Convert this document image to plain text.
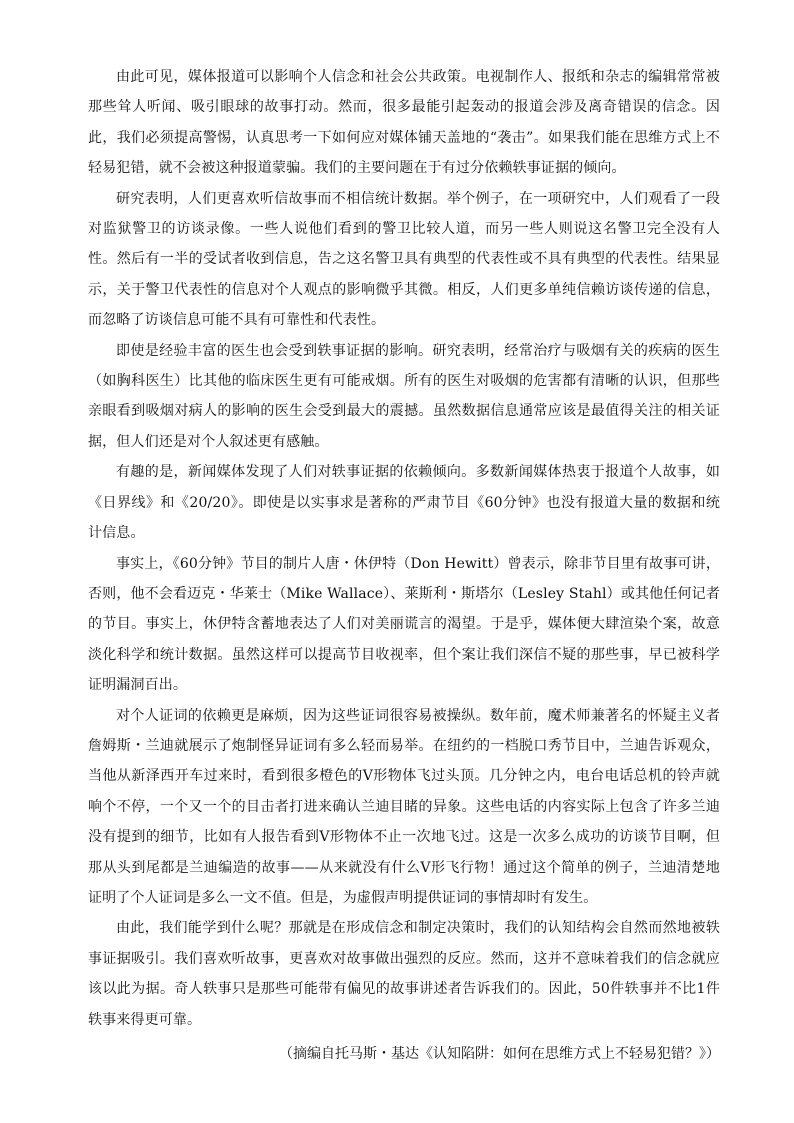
由此可见，媒体报道可以影响个人信念和社会公共政策。电视制作人、报纸和杂志的编辑常常被那些耸人听闻、吸引眼球的故事打动。然而，很多最能引起轰动的报道会涉及离奇错误的信念。因此，我们必须提高警惕，认真思考一下如何应对媒体铺天盖地的“袭击”。如果我们能在思维方式上不轻易犯错，就不会被这种报道蒙骗。我们的主要问题在于有过分依赖轶事证据的倾向。

研究表明，人们更喜欢听信故事而不相信统计数据。举个例子，在一项研究中，人们观看了一段对监狱警卫的访谈录像。一些人说他们看到的警卫比较人道，而另一些人则说这名警卫完全没有人性。然后有一半的受试者收到信息，告之这名警卫具有典型的代表性或不具有典型的代表性。结果显示，关于警卫代表性的信息对个人观点的影响微乎其微。相反，人们更多单纯信赖访谈传递的信息，而忽略了访谈信息可能不具有可靠性和代表性。

即使是经验丰富的医生也会受到轶事证据的影响。研究表明，经常治疗与吸烟有关的疾病的医生（如胸科医生）比其他的临床医生更有可能戒烟。所有的医生对吸烟的危害都有清晰的认识，但那些亲眼看到吸烟对病人的影响的医生会受到最大的震撼。虽然数据信息通常应该是最值得关注的相关证据，但人们还是对个人叙述更有感触。

有趣的是，新闻媒体发现了人们对轶事证据的依赖倾向。多数新闻媒体热衷于报道个人故事，如《日界线》和《20/20》。即使是以实事求是著称的严肃节目《60分钟》也没有报道大量的数据和统计信息。

事实上，《60分钟》节目的制片人唐・休伊特（Don Hewitt）曾表示，除非节目里有故事可讲，否则，他不会看迈克・华莱士（Mike Wallace）、莱斯利・斯塔尔（Lesley Stahl）或其他任何记者的节目。事实上，休伊特含蓄地表达了人们对美丽谎言的渴望。于是乎，媒体便大肆渲染个案，故意淡化科学和统计数据。虽然这样可以提高节目收视率，但个案让我们深信不疑的那些事，早已被科学证明漏洞百出。

对个人证词的依赖更是麻烦，因为这些证词很容易被操纵。数年前，魔术师兼著名的怀疑主义者詹姆斯・兰迪就展示了炮制怪异证词有多么轻而易举。在纽约的一档脱口秀节目中，兰迪告诉观众，当他从新泽西开车过来时，看到很多橙色的V形物体飞过头顶。几分钟之内，电台电话总机的铃声就响个不停，一个又一个的目击者打进来确认兰迪目睹的异象。这些电话的内容实际上包含了许多兰迪没有提到的细节，比如有人报告看到V形物体不止一次地飞过。这是一次多么成功的访谈节目啊，但那从头到尾都是兰迪编造的故事——从来就没有什么V形飞行物！通过这个简单的例子，兰迪清楚地证明了个人证词是多么一文不值。但是，为虚假声明提供证词的事情却时有发生。

由此，我们能学到什么呢？那就是在形成信念和制定决策时，我们的认知结构会自然而然地被轶事证据吸引。我们喜欢听故事，更喜欢对故事做出强烈的反应。然而，这并不意味着我们的信念就应该以此为据。奇人轶事只是那些可能带有偏见的故事讲述者告诉我们的。因此，50件轶事并不比1件轶事来得更可靠。

（摘编自托马斯・基达《认知陷阱：如何在思维方式上不轻易犯错？》）
